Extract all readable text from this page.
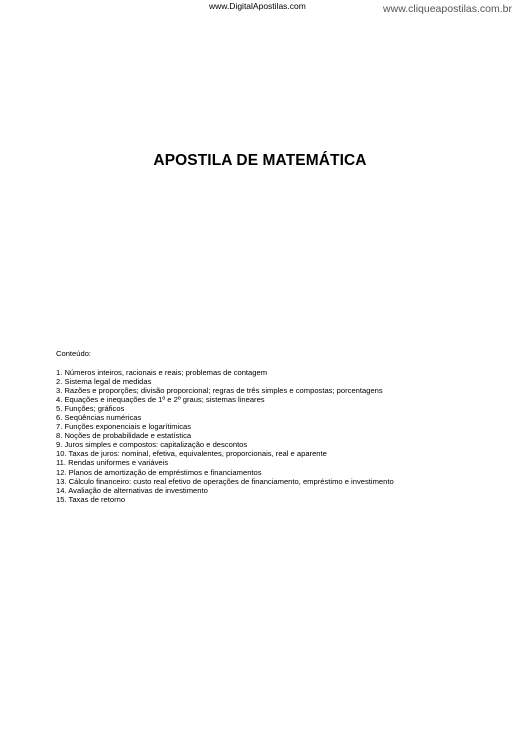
www.DigitalApostilas.com	www.cliqueapostilas.com.br
APOSTILA DE MATEMÁTICA
Conteúdo:
1. Números inteiros, racionais e reais; problemas de contagem
2. Sistema legal de medidas
3. Razões e proporções; divisão proporcional; regras de três simples e compostas; porcentagens
4. Equações e inequações de 1º e 2º graus; sistemas lineares
5. Funções; gráficos
6. Seqüências numéricas
7. Funções exponenciais e logarítimicas
8. Noções de probabilidade e estatística
9. Juros simples e compostos: capitalização e descontos
10. Taxas de juros: nominal, efetiva, equivalentes, proporcionais, real e aparente
11. Rendas uniformes e variáveis
12. Planos de amortização de empréstimos e financiamentos
13. Cálculo financeiro: custo real efetivo de operações de financiamento, empréstimo e investimento
14. Avaliação de alternativas de investimento
15. Taxas de retorno
